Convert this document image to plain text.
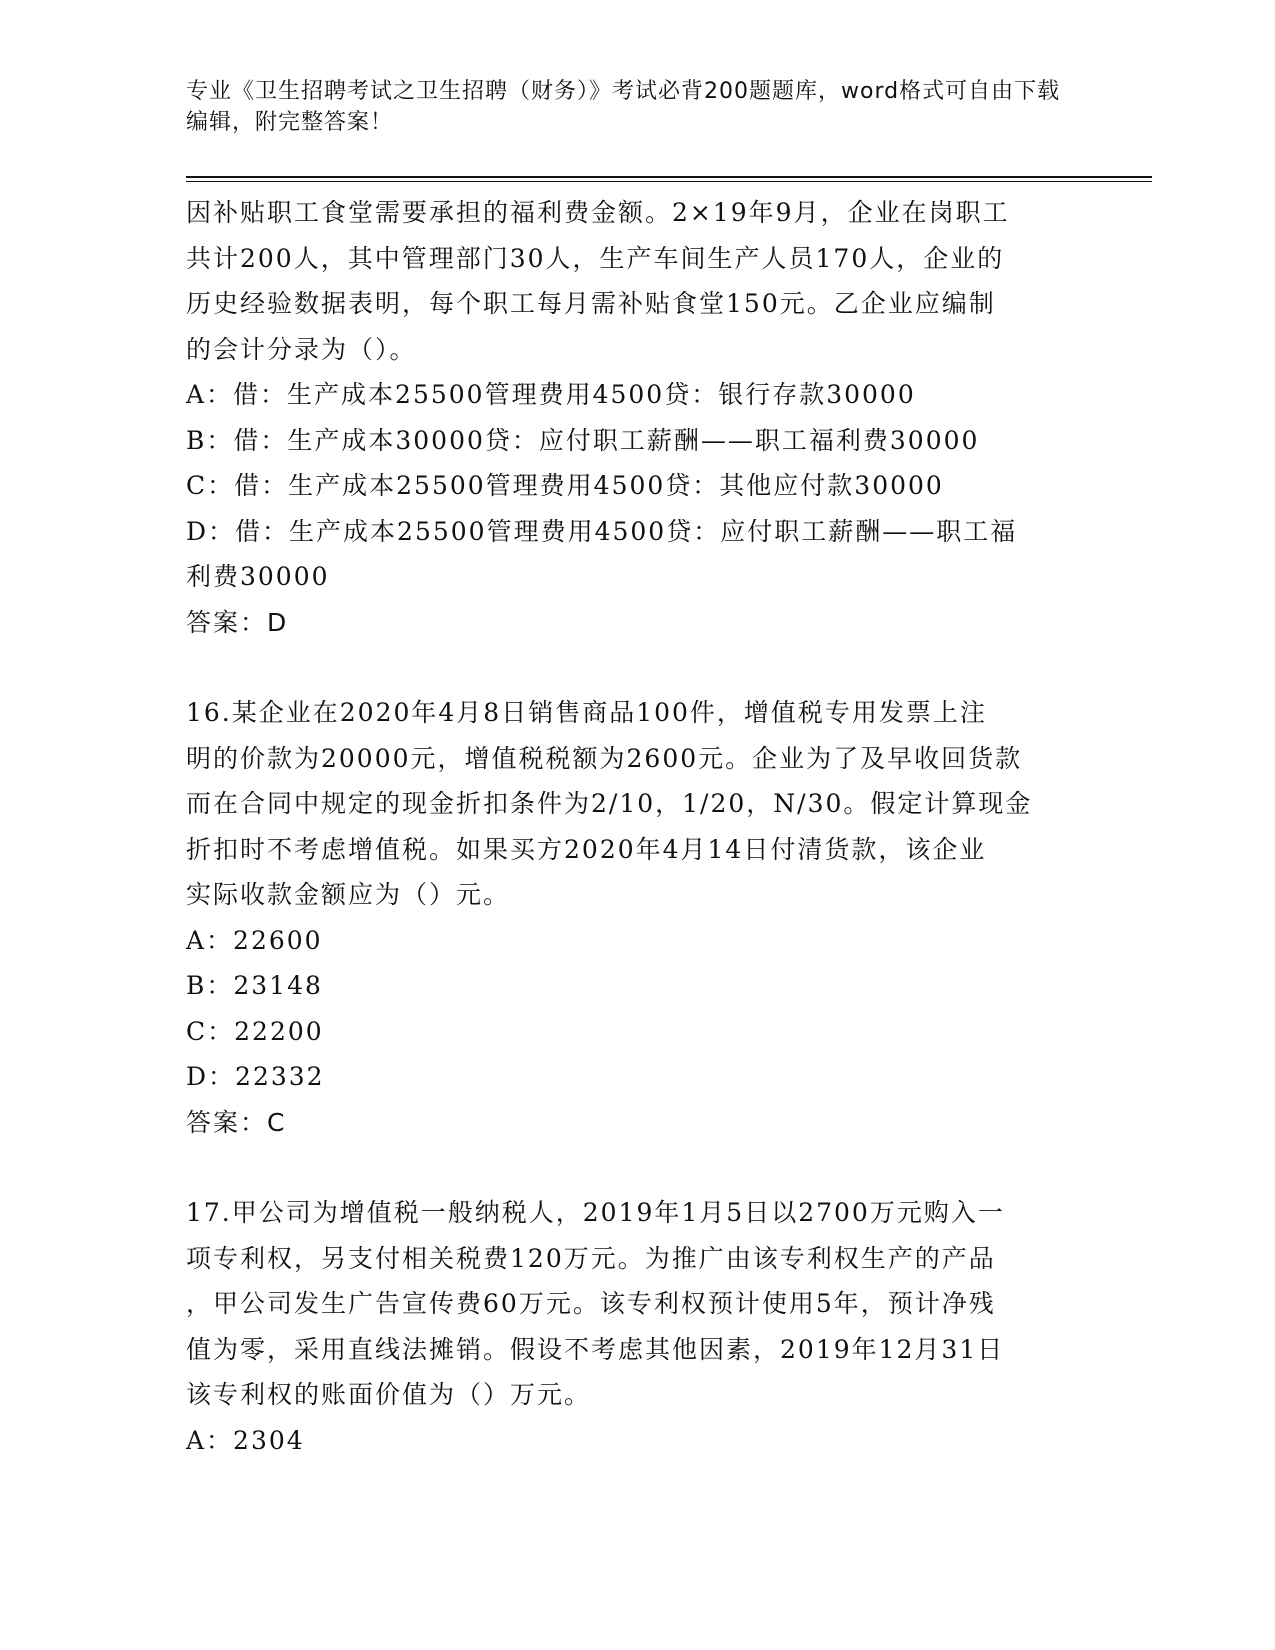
专业《卫生招聘考试之卫生招聘（财务）》考试必背200题题库，word格式可自由下载编辑，附完整答案！

因补贴职工食堂需要承担的福利费金额。2×19年9月，企业在岗职工

共计200人，其中管理部门30人，生产车间生产人员170人，企业的

历史经验数据表明，每个职工每月需补贴食堂150元。乙企业应编制

的会计分录为（）。

A：借：生产成本25500管理费用4500贷：银行存款30000

B：借：生产成本30000贷：应付职工薪酬——职工福利费30000

C：借：生产成本25500管理费用4500贷：其他应付款30000

D：借：生产成本25500管理费用4500贷：应付职工薪酬——职工福

利费30000

答案：D

16.某企业在2020年4月8日销售商品100件，增值税专用发票上注

明的价款为20000元，增值税税额为2600元。企业为了及早收回货款

而在合同中规定的现金折扣条件为2/10，1/20，N/30。假定计算现金

折扣时不考虑增值税。如果买方2020年4月14日付清货款，该企业

实际收款金额应为（）元。

A：22600

B：23148

C：22200

D：22332

答案：C

17.甲公司为增值税一般纳税人，2019年1月5日以2700万元购入一

项专利权，另支付相关税费120万元。为推广由该专利权生产的产品

，甲公司发生广告宣传费60万元。该专利权预计使用5年，预计净残

值为零，采用直线法摊销。假设不考虑其他因素，2019年12月31日

该专利权的账面价值为（）万元。

A：2304
